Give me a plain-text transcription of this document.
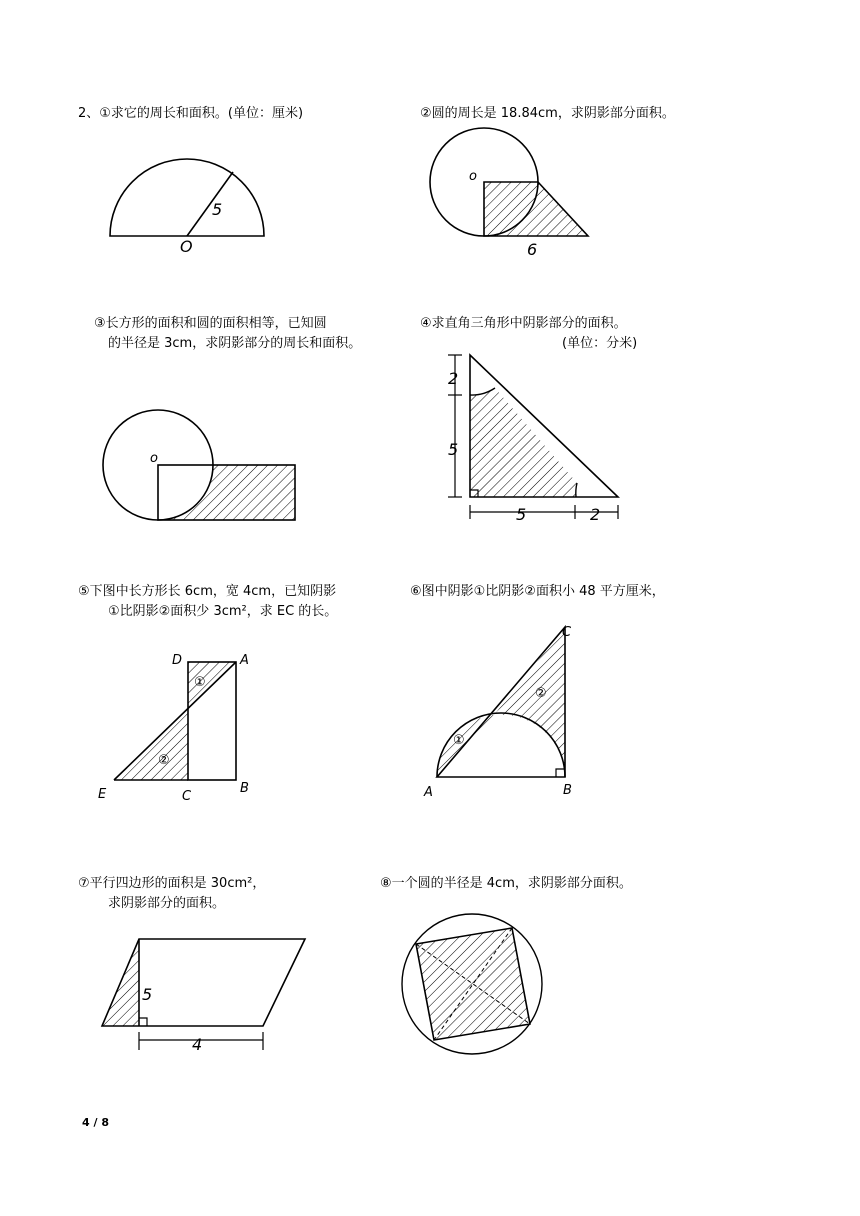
2、①求它的周长和面积。(单位：厘米)	②圆的周长是 18.84cm，求阴影部分面积。
③长方形的面积和圆的面积相等，已知圆
的半径是 3cm，求阴影部分的周长和面积。
④求直角三角形中阴影部分的面积。
(单位：分米)
⑤下图中长方形长 6cm，宽 4cm，已知阴影
①比阴影②面积少 3cm²，求 EC 的长。
⑥图中阴影①比阴影②面积小 48 平方厘米，
⑦平行四边形的面积是 30cm²，
求阴影部分的面积。
⑧一个圆的半径是 4cm，求阴影部分面积。
5
O
o
6
o
2
5
5	2
D	A
B
C
E
①
②
C
A	B
①
②
5
4
4 / 8
